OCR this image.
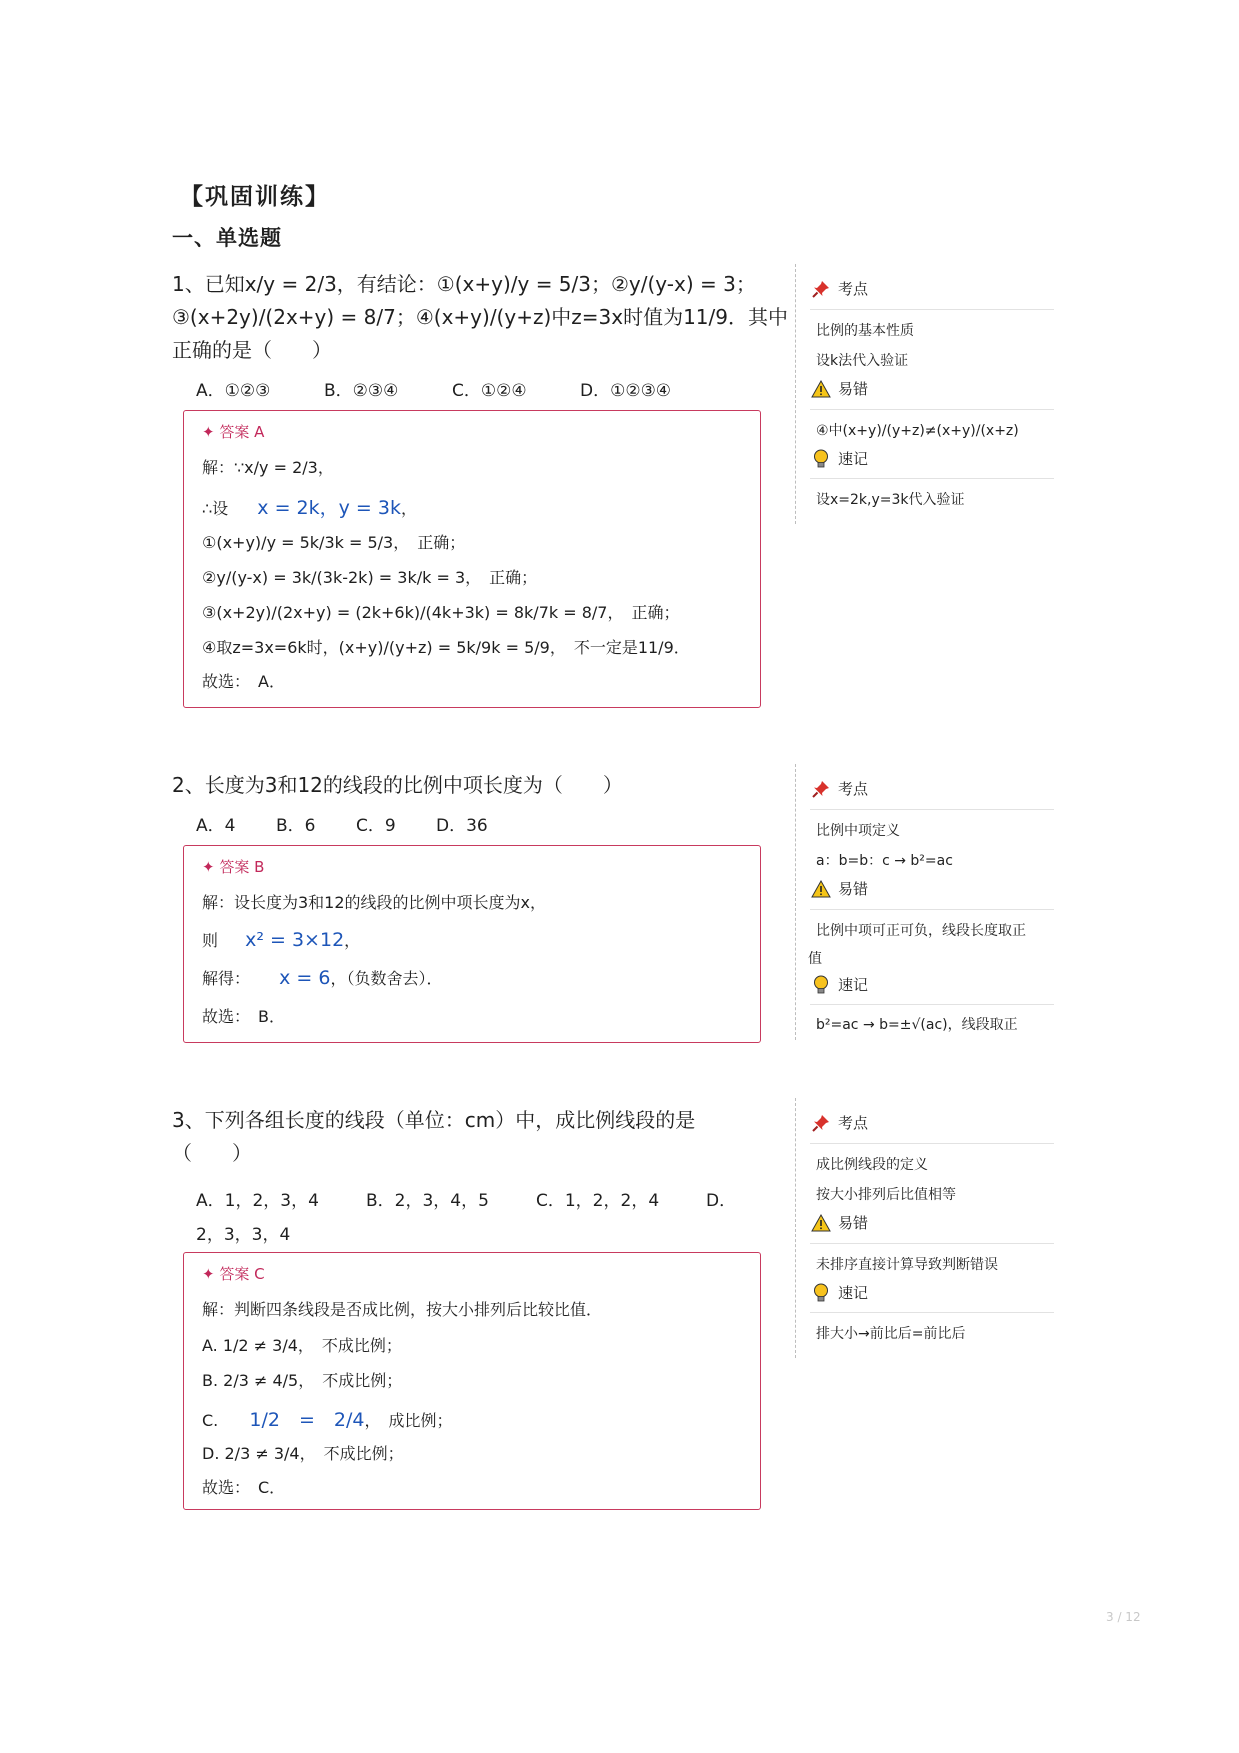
【巩固训练】
一、单选题
1、已知x/y = 2/3，有结论：①(x+y)/y = 5/3；②y/(y-x) = 3；
③(x+2y)/(2x+y) = 8/7；④(x+y)/(y+z)中z=3x时值为11/9．其中
正确的是（　　）
A．①②③	B．②③④	C．①②④	D．①②③④
✦ 答案 A
解：∵x/y = 2/3，
∴设 x = 2k，y = 3k，
①(x+y)/y = 5k/3k = 5/3，　正确；
②y/(y-x) = 3k/(3k-2k) = 3k/k = 3，　正确；
③(x+2y)/(2x+y) = (2k+6k)/(4k+3k) = 8k/7k = 8/7，　正确；
④取z=3x=6k时，(x+y)/(y+z) = 5k/9k = 5/9，　不一定是11/9．
故选：　A．
考点
比例的基本性质
设k法代入验证
易错
④中(x+y)/(y+z)≠(x+y)/(x+z)
速记
设x=2k,y=3k代入验证
2、长度为3和12的线段的比例中项长度为（　　）
A．4	B．6	C．9	D．36
✦ 答案 B
解：设长度为3和12的线段的比例中项长度为x，
则 x² = 3×12，
解得： x = 6，（负数舍去）．
故选：　B．
考点
比例中项定义
a：b=b：c → b²=ac
易错
比例中项可正可负，线段长度取正
值
速记
b²=ac → b=±√(ac)，线段取正
3、下列各组长度的线段（单位：cm）中，成比例线段的是
（　　）
A．1，2，3，4	B．2，3，4，5	C．1，2，2，4	D．
2，3，3，4
✦ 答案 C
解：判断四条线段是否成比例，按大小排列后比较比值．
A. 1/2 ≠ 3/4，　不成比例；
B. 2/3 ≠ 4/5，　不成比例；
C. 1/2　=　2/4，　成比例；
D. 2/3 ≠ 3/4，　不成比例；
故选：　C．
考点
成比例线段的定义
按大小排列后比值相等
易错
未排序直接计算导致判断错误
速记
排大小→前比后=前比后
3 / 12
